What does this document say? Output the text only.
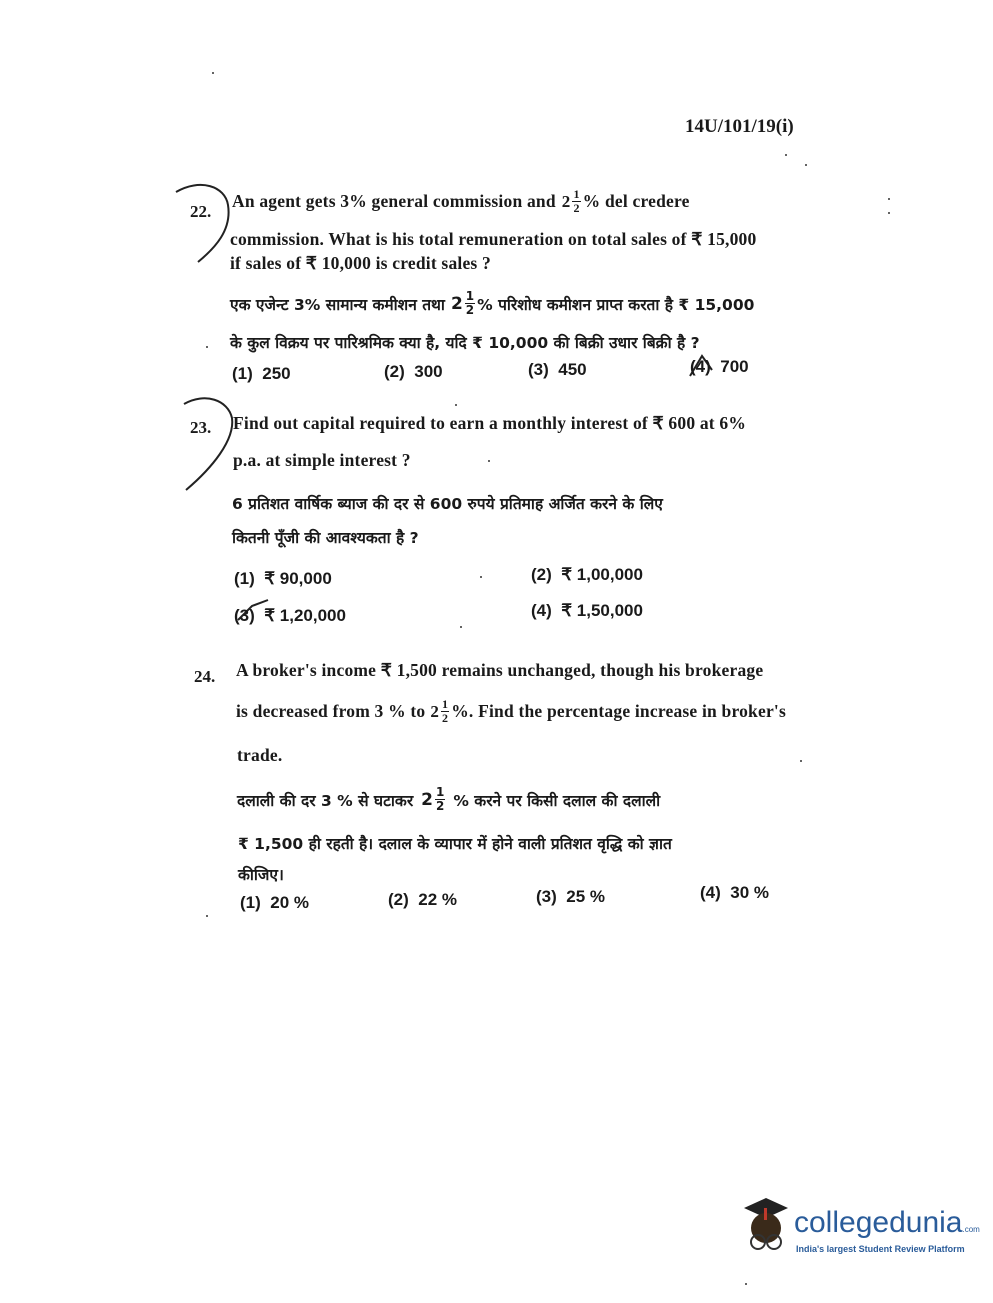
14U/101/19(i)
22.
An agent gets 3% general commission and 2 1
2 % del credere
commission. What is his total remuneration on total sales of ₹ 15,000
if sales of ₹ 10,000 is credit sales ?
एक एजेन्ट 3% सामान्य कमीशन तथा 2 1
2 % परिशोध कमीशन प्राप्त करता है ₹ 15,000
के कुल विक्रय पर पारिश्रमिक क्या है, यदि ₹ 10,000 की बिक्री उधार बिक्री है ?
(1) 250	(2) 300	(3) 450	(4) 700
23. Find out capital required to earn a monthly interest of ₹ 600 at 6%
p.a. at simple interest ?
6 प्रतिशत वार्षिक ब्याज की दर से 600 रुपये प्रतिमाह अर्जित करने के लिए
कितनी पूँजी की आवश्यकता है ?
(1) ₹ 90,000	(2) ₹ 1,00,000
(3) ₹ 1,20,000	(4) ₹ 1,50,000
24. A broker's income ₹ 1,500 remains unchanged, though his brokerage
is decreased from 3 % to 2 1
2 %. Find the percentage increase in broker's
trade.
दलाली की दर 3 % से घटाकर 2 1
2 % करने पर किसी दलाल की दलाली
₹ 1,500 ही रहती है। दलाल के व्यापार में होने वाली प्रतिशत वृद्धि को ज्ञात
कीजिए।
(1) 20 %	(2) 22 %	(3) 25 %	(4) 30 %
collegedunia.com
India's largest Student Review Platform
